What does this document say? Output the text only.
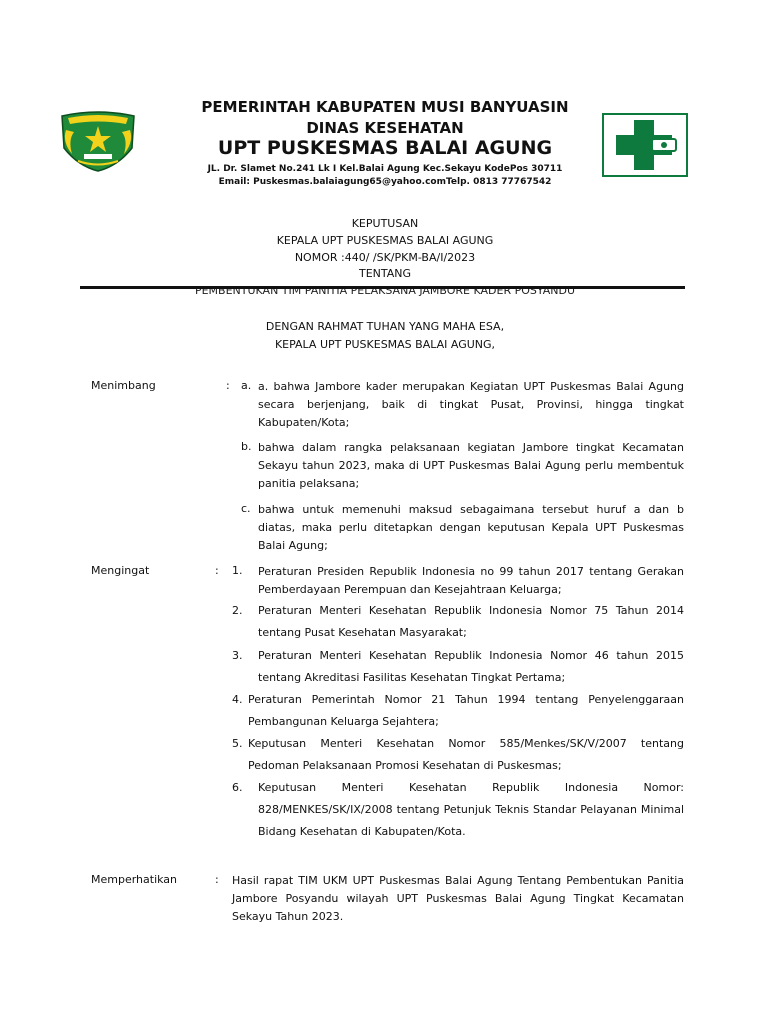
PEMERINTAH KABUPATEN MUSI BANYUASIN
DINAS KESEHATAN
UPT PUSKESMAS BALAI AGUNG
JL. Dr. Slamet No.241 Lk I Kel.Balai Agung Kec.Sekayu KodePos 30711
Email: Puskesmas.balaiagung65@yahoo.comTelp. 0813 77767542
KEPUTUSAN
KEPALA UPT PUSKESMAS BALAI AGUNG
NOMOR :440/ /SK/PKM-BA/I/2023
TENTANG
PEMBENTUKAN TIM PANITIA PELAKSANA JAMBORE KADER POSYANDU
DENGAN RAHMAT TUHAN YANG MAHA ESA,
KEPALA UPT PUSKESMAS BALAI AGUNG,
Menimbang	: a. a. bahwa Jambore kader merupakan Kegiatan UPT Puskesmas Balai Agung secara berjenjang, baik di tingkat Pusat, Provinsi, hingga tingkat Kabupaten/Kota;
b. bahwa dalam rangka pelaksanaan kegiatan Jambore tingkat Kecamatan Sekayu tahun 2023, maka di UPT Puskesmas Balai Agung perlu membentuk panitia pelaksana;
c. bahwa untuk memenuhi maksud sebagaimana tersebut huruf a dan b diatas, maka perlu ditetapkan dengan keputusan Kepala UPT Puskesmas Balai Agung;
Mengingat	: 1. Peraturan Presiden Republik Indonesia no 99 tahun 2017 tentang Gerakan Pemberdayaan Perempuan dan Kesejahtraan Keluarga;
2. Peraturan Menteri Kesehatan Republik Indonesia Nomor 75 Tahun 2014 tentang Pusat Kesehatan Masyarakat;
3. Peraturan Menteri Kesehatan Republik Indonesia Nomor 46 tahun 2015 tentang Akreditasi Fasilitas Kesehatan Tingkat Pertama;
4. Peraturan Pemerintah Nomor 21 Tahun 1994 tentang Penyelenggaraan Pembangunan Keluarga Sejahtera;
5. Keputusan Menteri Kesehatan Nomor 585/Menkes/SK/V/2007 tentang Pedoman Pelaksanaan Promosi Kesehatan di Puskesmas;
6. Keputusan Menteri Kesehatan Republik Indonesia Nomor: 828/MENKES/SK/IX/2008 tentang Petunjuk Teknis Standar Pelayanan Minimal Bidang Kesehatan di Kabupaten/Kota.
Memperhatikan	: Hasil rapat TIM UKM UPT Puskesmas Balai Agung Tentang Pembentukan Panitia Jambore Posyandu wilayah UPT Puskesmas Balai Agung Tingkat Kecamatan Sekayu Tahun 2023.
